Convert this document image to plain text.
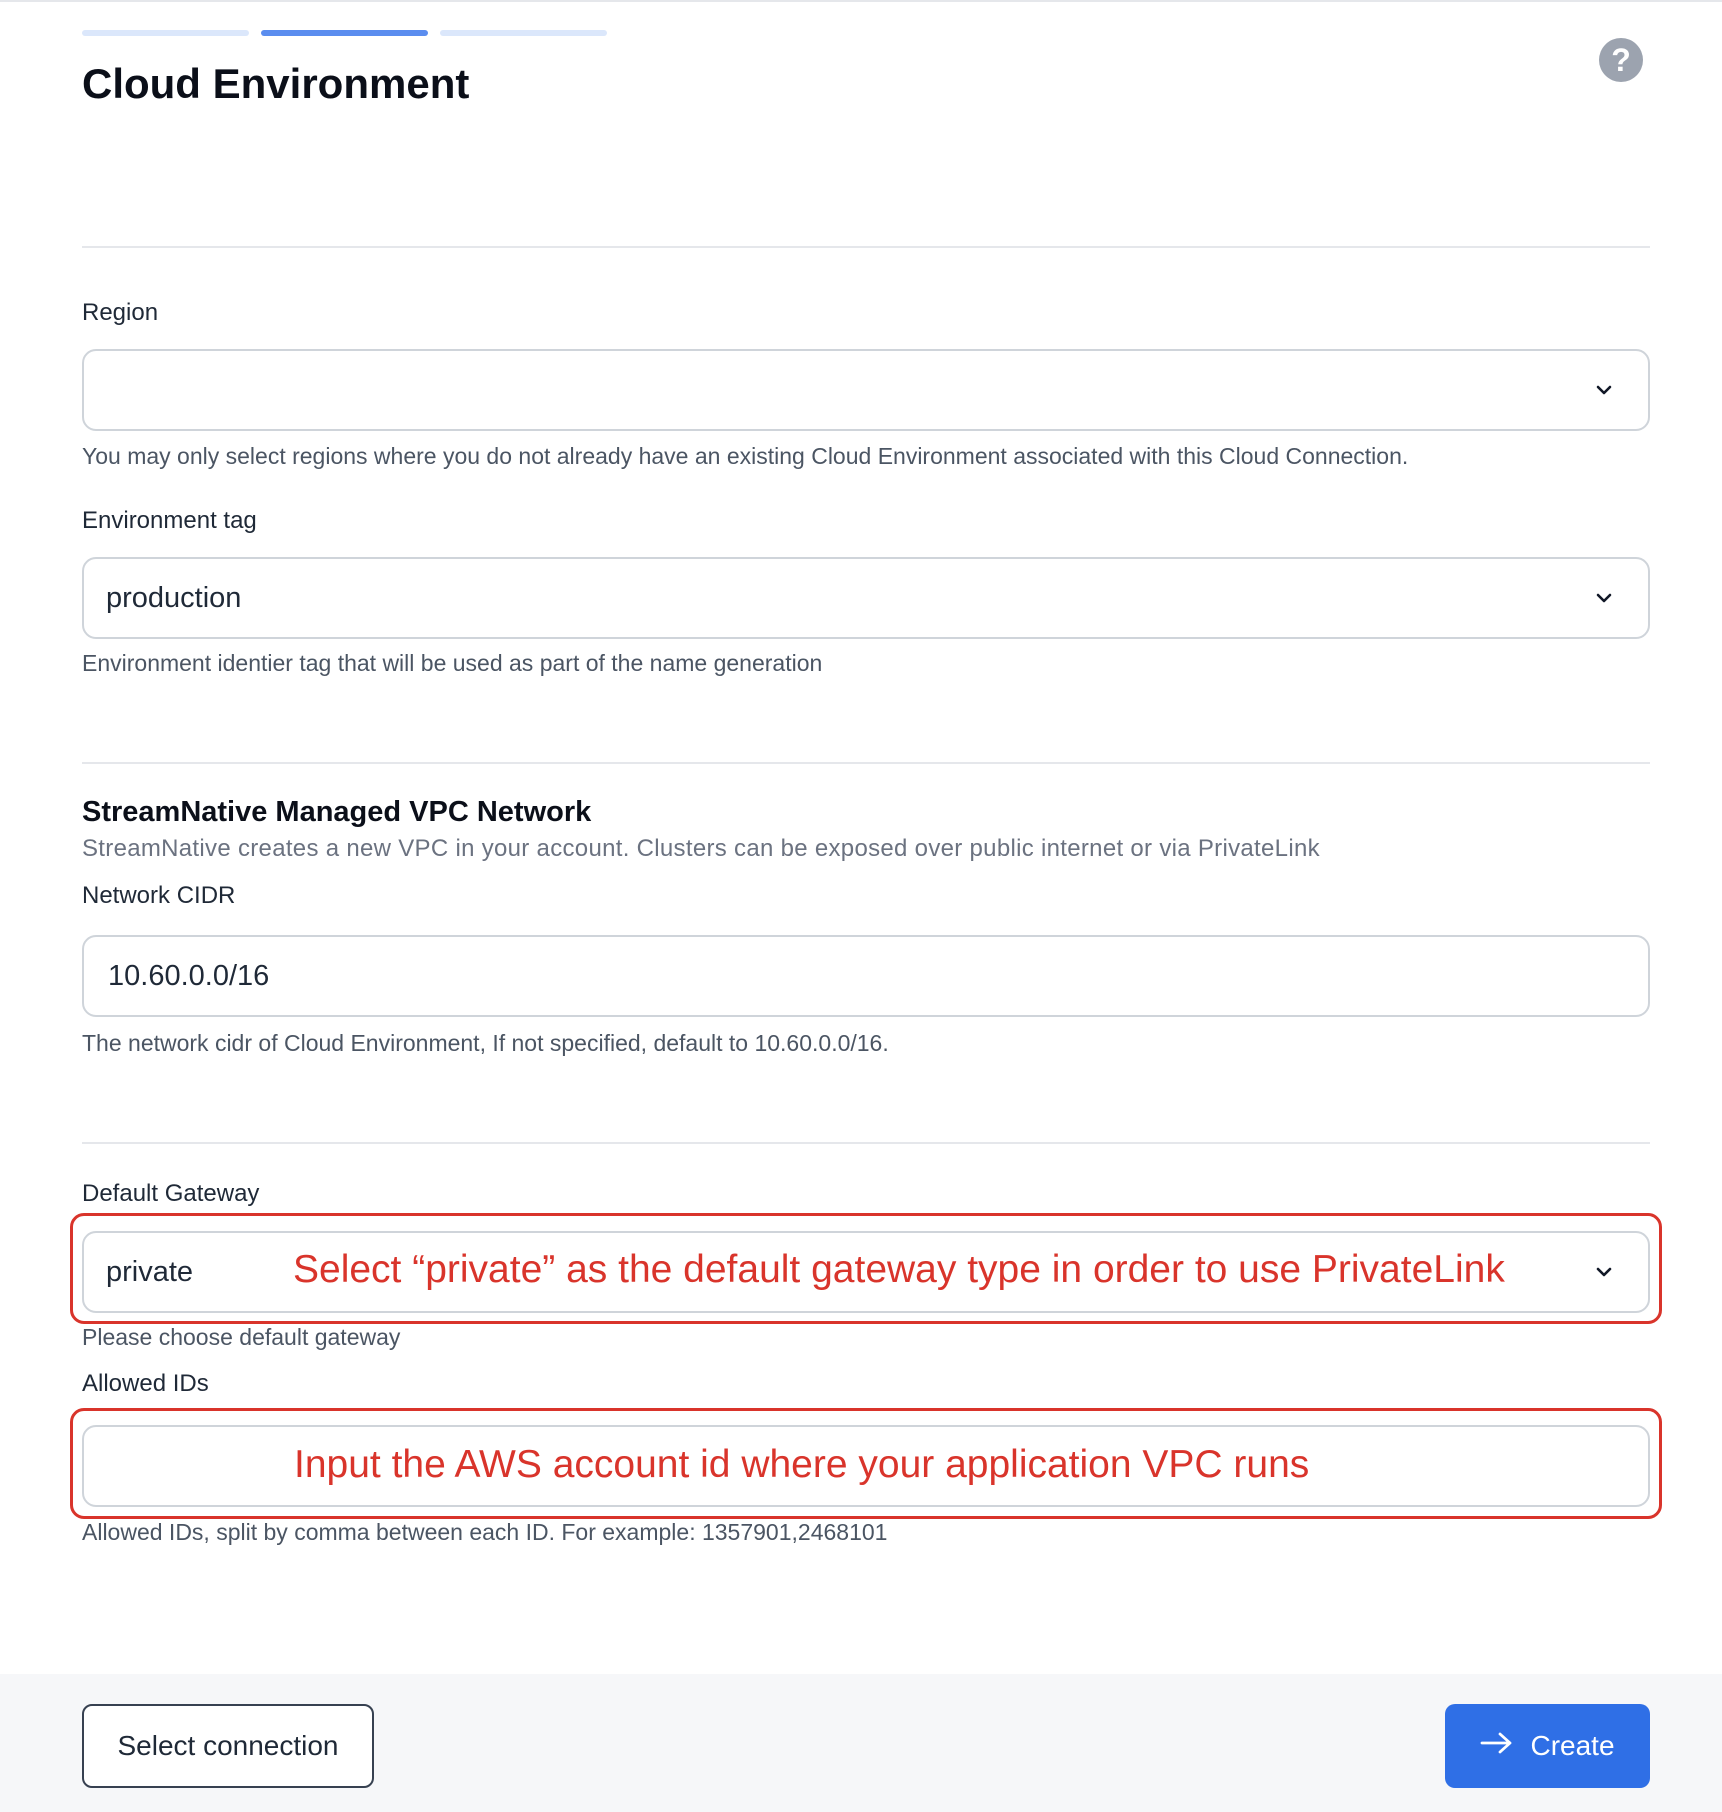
Cloud Environment
?
Region
You may only select regions where you do not already have an existing Cloud Environment associated with this Cloud Connection.
Environment tag
production
Environment identier tag that will be used as part of the name generation
StreamNative Managed VPC Network
StreamNative creates a new VPC in your account. Clusters can be exposed over public internet or via PrivateLink
Network CIDR
10.60.0.0/16
The network cidr of Cloud Environment, If not specified, default to 10.60.0.0/16.
Default Gateway
private	Select “private” as the default gateway type in order to use PrivateLink
Please choose default gateway
Allowed IDs
Input the AWS account id where your application VPC runs
Allowed IDs, split by comma between each ID. For example: 1357901,2468101
Select connection	Create
